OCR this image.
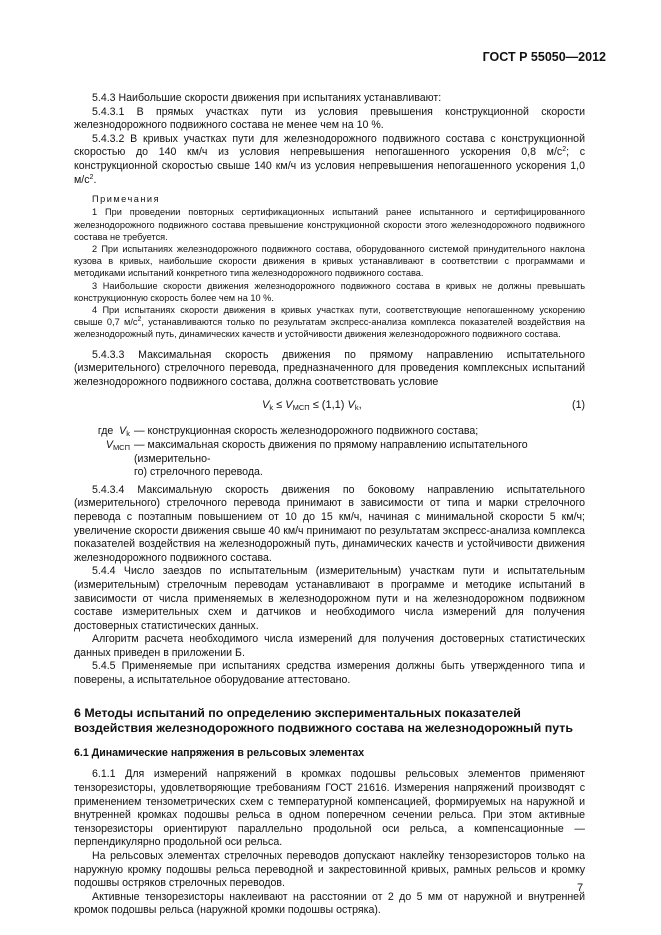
ГОСТ Р 55050—2012

5.4.3 Наибольшие скорости движения при испытаниях устанавливают:

5.4.3.1 В прямых участках пути из условия превышения конструкционной скорости железнодорожного подвижного состава не менее чем на 10 %.

5.4.3.2 В кривых участках пути для железнодорожного подвижного состава с конструкционной скоростью до 140 км/ч из условия непревышения непогашенного ускорения 0,8 $м/с^2$; с конструкционной скоростью свыше 140 км/ч из условия непревышения непогашенного ускорения 1,0 $м/с^2$.

Примечания

1 При проведении повторных сертификационных испытаний ранее испытанного и сертифицированного железнодорожного подвижного состава превышение конструкционной скорости этого железнодорожного подвижного состава не требуется.

2 При испытаниях железнодорожного подвижного состава, оборудованного системой принудительного наклона кузова в кривых, наибольшие скорости движения в кривых устанавливают в соответствии с программами и методиками испытаний конкретного типа железнодорожного подвижного состава.

3 Наибольшие скорости движения железнодорожного подвижного состава в кривых не должны превышать конструкционную скорость более чем на 10 %.

4 При испытаниях скорости движения в кривых участках пути, соответствующие непогашенному ускорению свыше 0,7 $м/с^2$, устанавливаются только по результатам экспресс-анализа комплекса показателей воздействия на железнодорожный путь, динамических качеств и устойчивости движения железнодорожного подвижного состава.

5.4.3.3 Максимальная скорость движения по прямому направлению испытательного (измерительного) стрелочного перевода, предназначенного для проведения комплексных испытаний железнодорожного подвижного состава, должна соответствовать условие

$V_k \le V_{МСП} \le (1,1)$ $V_k$,	(1)
где $V_k$ — конструкционная скорость железнодорожного подвижного состава;
$V_{МСП}$ — максимальная скорость движения по прямому направлению испытательного (измерительно-
го) стрелочного перевода.

5.4.3.4 Максимальную скорость движения по боковому направлению испытательного (измерительного) стрелочного перевода принимают в зависимости от типа и марки стрелочного перевода с поэтапным повышением от 10 до 15 км/ч, начиная с минимальной скорости 5 км/ч; увеличение скорости движения свыше 40 км/ч принимают по результатам экспресс-анализа комплекса показателей воздействия на железнодорожный путь, динамических качеств и устойчивости движения железнодорожного подвижного состава.

5.4.4 Число заездов по испытательным (измерительным) участкам пути и испытательным (измерительным) стрелочным переводам устанавливают в программе и методике испытаний в зависимости от числа применяемых в железнодорожном пути и на железнодорожном подвижном составе измерительных схем и датчиков и необходимого числа измерений для получения достоверных статистических данных.

Алгоритм расчета необходимого числа измерений для получения достоверных статистических данных приведен в приложении Б.

5.4.5 Применяемые при испытаниях средства измерения должны быть утвержденного типа и поверены, а испытательное оборудование аттестовано.

6 Методы испытаний по определению экспериментальных показателей воздействия железнодорожного подвижного состава на железнодорожный путь
6.1 Динамические напряжения в рельсовых элементах

6.1.1 Для измерений напряжений в кромках подошвы рельсовых элементов применяют тензорезисторы, удовлетворяющие требованиям ГОСТ 21616. Измерения напряжений производят с применением тензометрических схем с температурной компенсацией, формируемых на наружной и внутренней кромках подошвы рельса в одном поперечном сечении рельса. При этом активные тензорезисторы ориентируют параллельно продольной оси рельса, а компенсационные — перпендикулярно продольной оси рельса.

На рельсовых элементах стрелочных переводов допускают наклейку тензорезисторов только на наружную кромку подошвы рельса переводной и закрестовинной кривых, рамных рельсов и кромку подошвы остряков стрелочных переводов.

Активные тензорезисторы наклеивают на расстоянии от 2 до 5 мм от наружной и внутренней кромок подошвы рельса (наружной кромки подошвы остряка).

7
